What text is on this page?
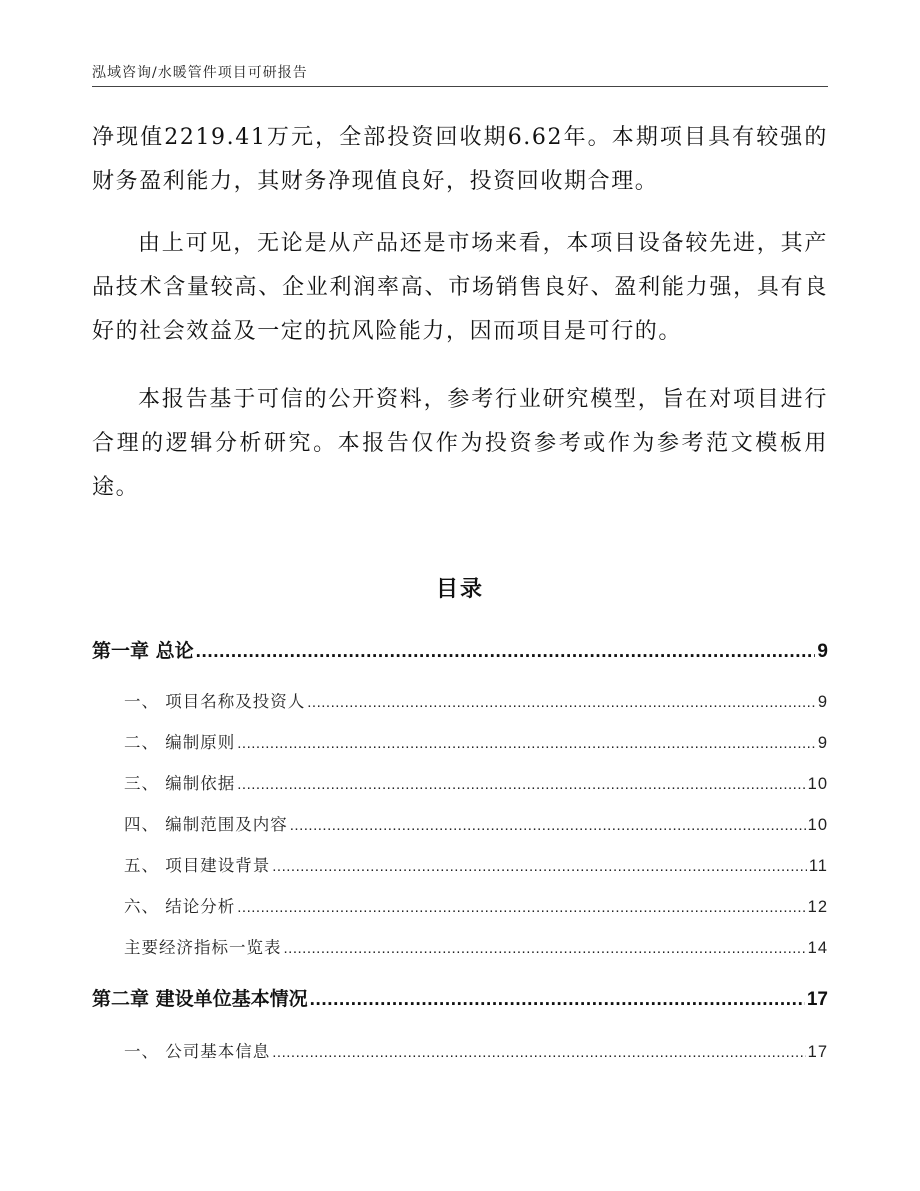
泓域咨询/水暖管件项目可研报告

净现值2219.41万元，全部投资回收期6.62年。本期项目具有较强的财务盈利能力，其财务净现值良好，投资回收期合理。

由上可见，无论是从产品还是市场来看，本项目设备较先进，其产品技术含量较高、企业利润率高、市场销售良好、盈利能力强，具有良好的社会效益及一定的抗风险能力，因而项目是可行的。

本报告基于可信的公开资料，参考行业研究模型，旨在对项目进行合理的逻辑分析研究。本报告仅作为投资参考或作为参考范文模板用途。

目录
第一章 总论 .....	9
一、 项目名称及投资人 .....	9
二、 编制原则 .....	9
三、 编制依据 .....	10
四、 编制范围及内容 .....	10
五、 项目建设背景 .....	11
六、 结论分析 .....	12
主要经济指标一览表 .....	14
第二章 建设单位基本情况 .....	17
一、 公司基本信息 .....	17
